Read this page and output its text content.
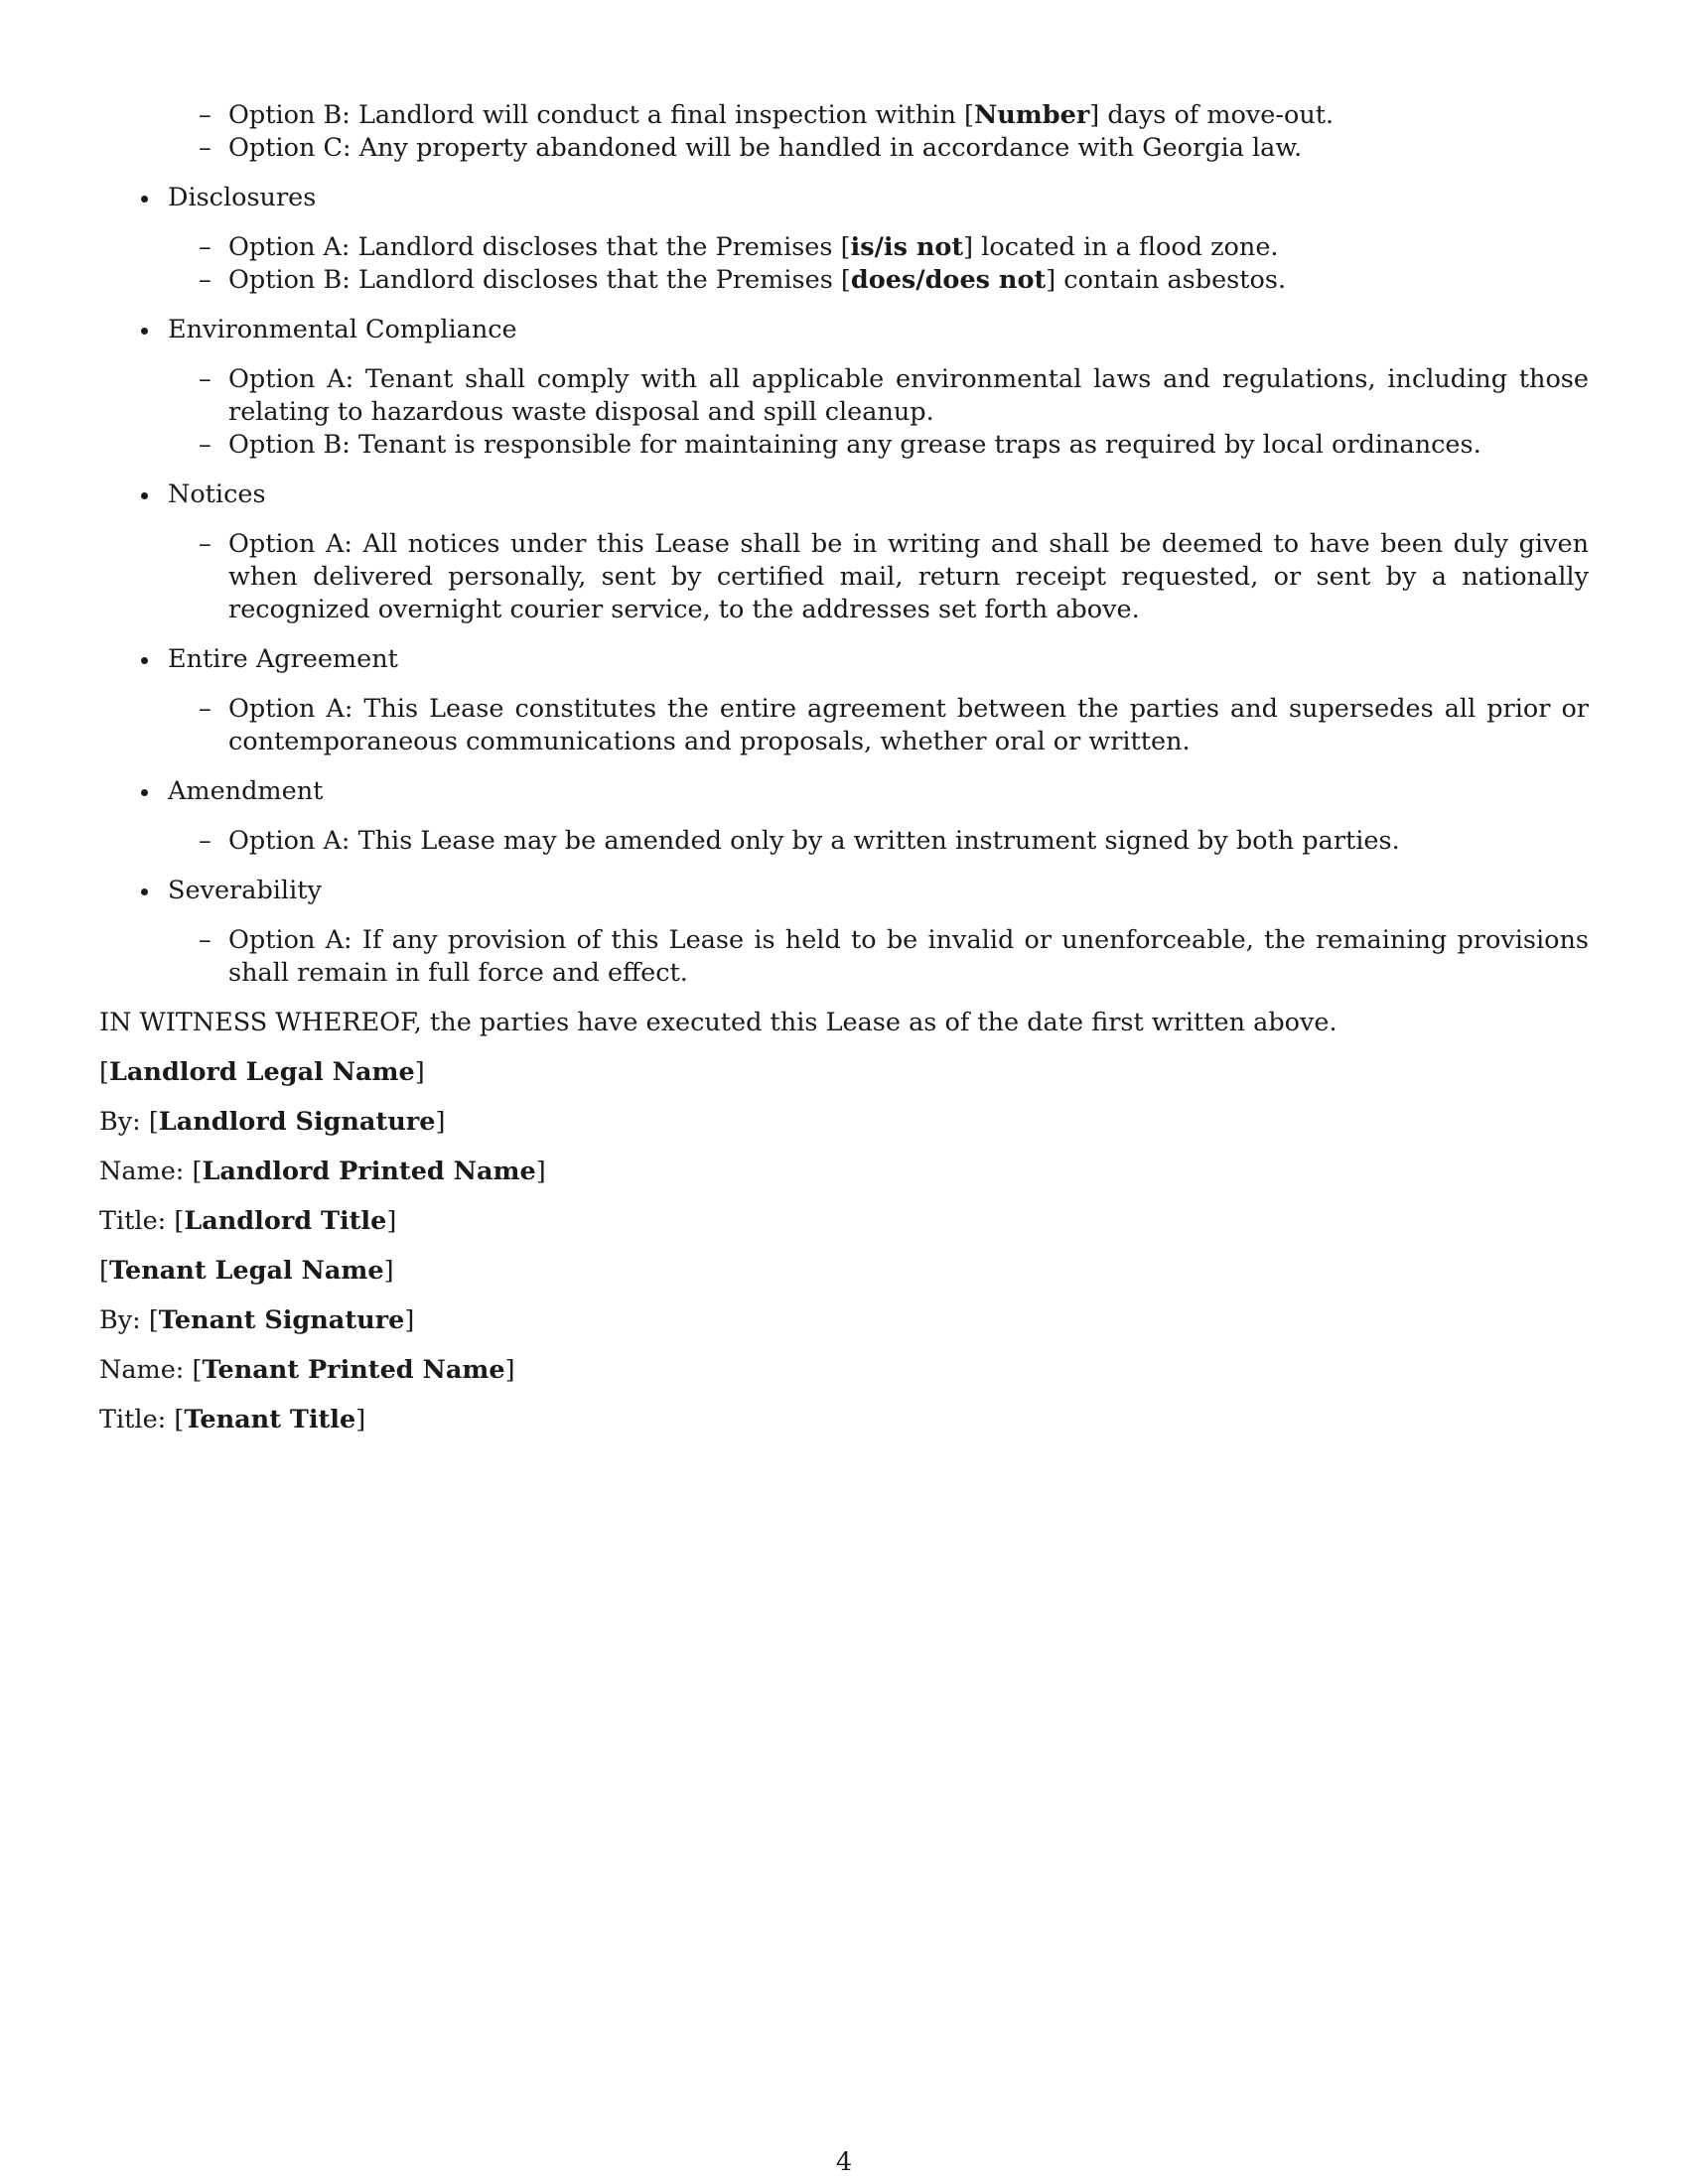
– Option B: Landlord will conduct a final inspection within [Number] days of move-out.
– Option C: Any property abandoned will be handled in accordance with Georgia law.
Disclosures
– Option A: Landlord discloses that the Premises [is/is not] located in a flood zone.
– Option B: Landlord discloses that the Premises [does/does not] contain asbestos.
Environmental Compliance
– Option A: Tenant shall comply with all applicable environmental laws and regulations, including those relating to hazardous waste disposal and spill cleanup.
– Option B: Tenant is responsible for maintaining any grease traps as required by local ordinances.
Notices
– Option A: All notices under this Lease shall be in writing and shall be deemed to have been duly given when delivered personally, sent by certified mail, return receipt requested, or sent by a nationally recognized overnight courier service, to the addresses set forth above.
Entire Agreement
– Option A: This Lease constitutes the entire agreement between the parties and supersedes all prior or contemporaneous communications and proposals, whether oral or written.
Amendment
– Option A: This Lease may be amended only by a written instrument signed by both parties.
Severability
– Option A: If any provision of this Lease is held to be invalid or unenforceable, the remaining provisions shall remain in full force and effect.

IN WITNESS WHEREOF, the parties have executed this Lease as of the date first written above.

[Landlord Legal Name]
By: [Landlord Signature]
Name: [Landlord Printed Name]
Title: [Landlord Title]
[Tenant Legal Name]
By: [Tenant Signature]
Name: [Tenant Printed Name]
Title: [Tenant Title]
4
